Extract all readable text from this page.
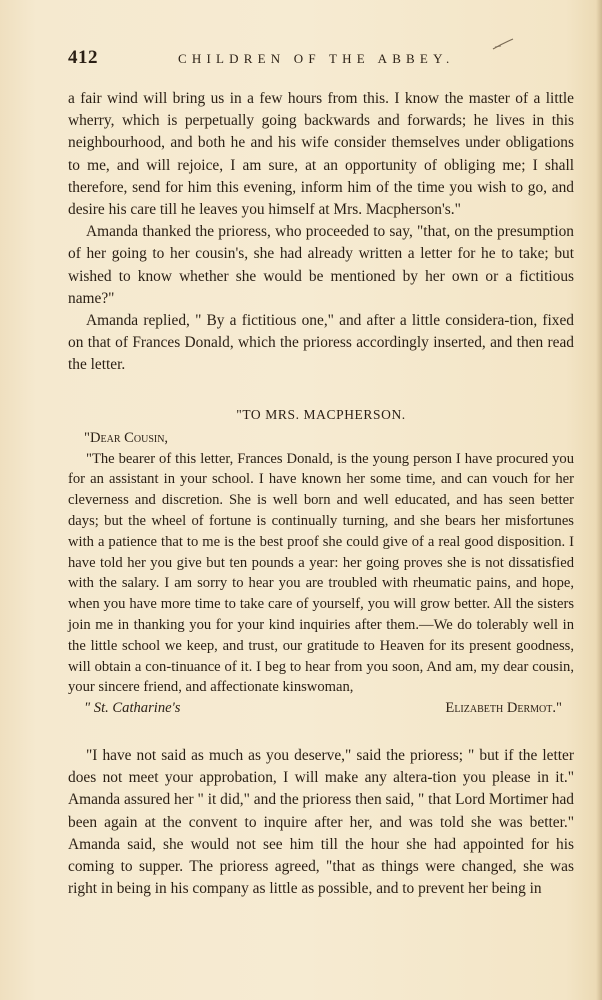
412	CHILDREN OF THE ABBEY.

a fair wind will bring us in a few hours from this. I know the master of a little wherry, which is perpetually going backwards and forwards; he lives in this neighbourhood, and both he and his wife consider themselves under obligations to me, and will rejoice, I am sure, at an opportunity of obliging me; I shall therefore, send for him this evening, inform him of the time you wish to go, and desire his care till he leaves you himself at Mrs. Macpherson's."

Amanda thanked the prioress, who proceeded to say, "that, on the presumption of her going to her cousin's, she had already written a letter for he to take; but wished to know whether she would be mentioned by her own or a fictitious name?"

Amanda replied, " By a fictitious one," and after a little considera-tion, fixed on that of Frances Donald, which the prioress accordingly inserted, and then read the letter.

"TO MRS. MACPHERSON.

"Dear Cousin,

"The bearer of this letter, Frances Donald, is the young person I have procured you for an assistant in your school. I have known her some time, and can vouch for her cleverness and discretion. She is well born and well educated, and has seen better days; but the wheel of fortune is continually turning, and she bears her misfortunes with a patience that to me is the best proof she could give of a real good disposition. I have told her you give but ten pounds a year: her going proves she is not dissatisfied with the salary. I am sorry to hear you are troubled with rheumatic pains, and hope, when you have more time to take care of yourself, you will grow better. All the sisters join me in thanking you for your kind inquiries after them.—We do tolerably well in the little school we keep, and trust, our gratitude to Heaven for its present goodness, will obtain a con-tinuance of it. I beg to hear from you soon, And am, my dear cousin, your sincere friend, and affectionate kinswoman,

" St. Catharine's	Elizabeth Dermot."

"I have not said as much as you deserve," said the prioress; " but if the letter does not meet your approbation, I will make any altera-tion you please in it." Amanda assured her " it did," and the prioress then said, " that Lord Mortimer had been again at the convent to inquire after her, and was told she was better." Amanda said, she would not see him till the hour she had appointed for his coming to supper. The prioress agreed, "that as things were changed, she was right in being in his company as little as possible, and to prevent her being in
